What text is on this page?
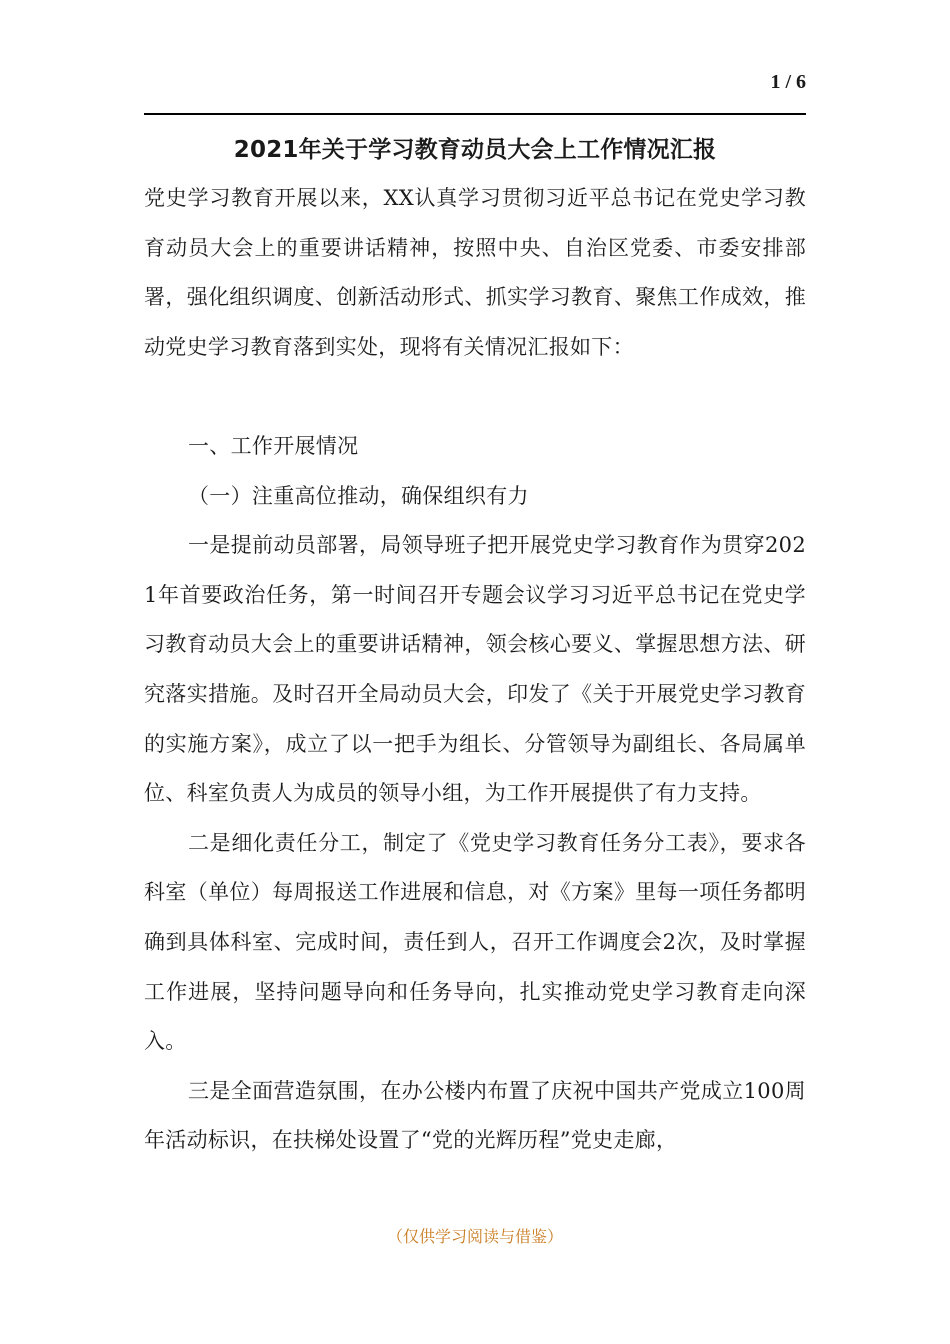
1 / 6
2021年关于学习教育动员大会上工作情况汇报

党史学习教育开展以来，XX认真学习贯彻习近平总书记在党史学习教育动员大会上的重要讲话精神，按照中央、自治区党委、市委安排部署，强化组织调度、创新活动形式、抓实学习教育、聚焦工作成效，推动党史学习教育落到实处，现将有关情况汇报如下：

一、工作开展情况

（一）注重高位推动，确保组织有力

一是提前动员部署，局领导班子把开展党史学习教育作为贯穿2021年首要政治任务，第一时间召开专题会议学习习近平总书记在党史学习教育动员大会上的重要讲话精神，领会核心要义、掌握思想方法、研究落实措施。及时召开全局动员大会，印发了《关于开展党史学习教育的实施方案》，成立了以一把手为组长、分管领导为副组长、各局属单位、科室负责人为成员的领导小组，为工作开展提供了有力支持。

二是细化责任分工，制定了《党史学习教育任务分工表》，要求各科室（单位）每周报送工作进展和信息，对《方案》里每一项任务都明确到具体科室、完成时间，责任到人，召开工作调度会2次，及时掌握工作进展，坚持问题导向和任务导向，扎实推动党史学习教育走向深入。

三是全面营造氛围，在办公楼内布置了庆祝中国共产党成立100周年活动标识，在扶梯处设置了“党的光辉历程”党史走廊，

（仅供学习阅读与借鉴）
